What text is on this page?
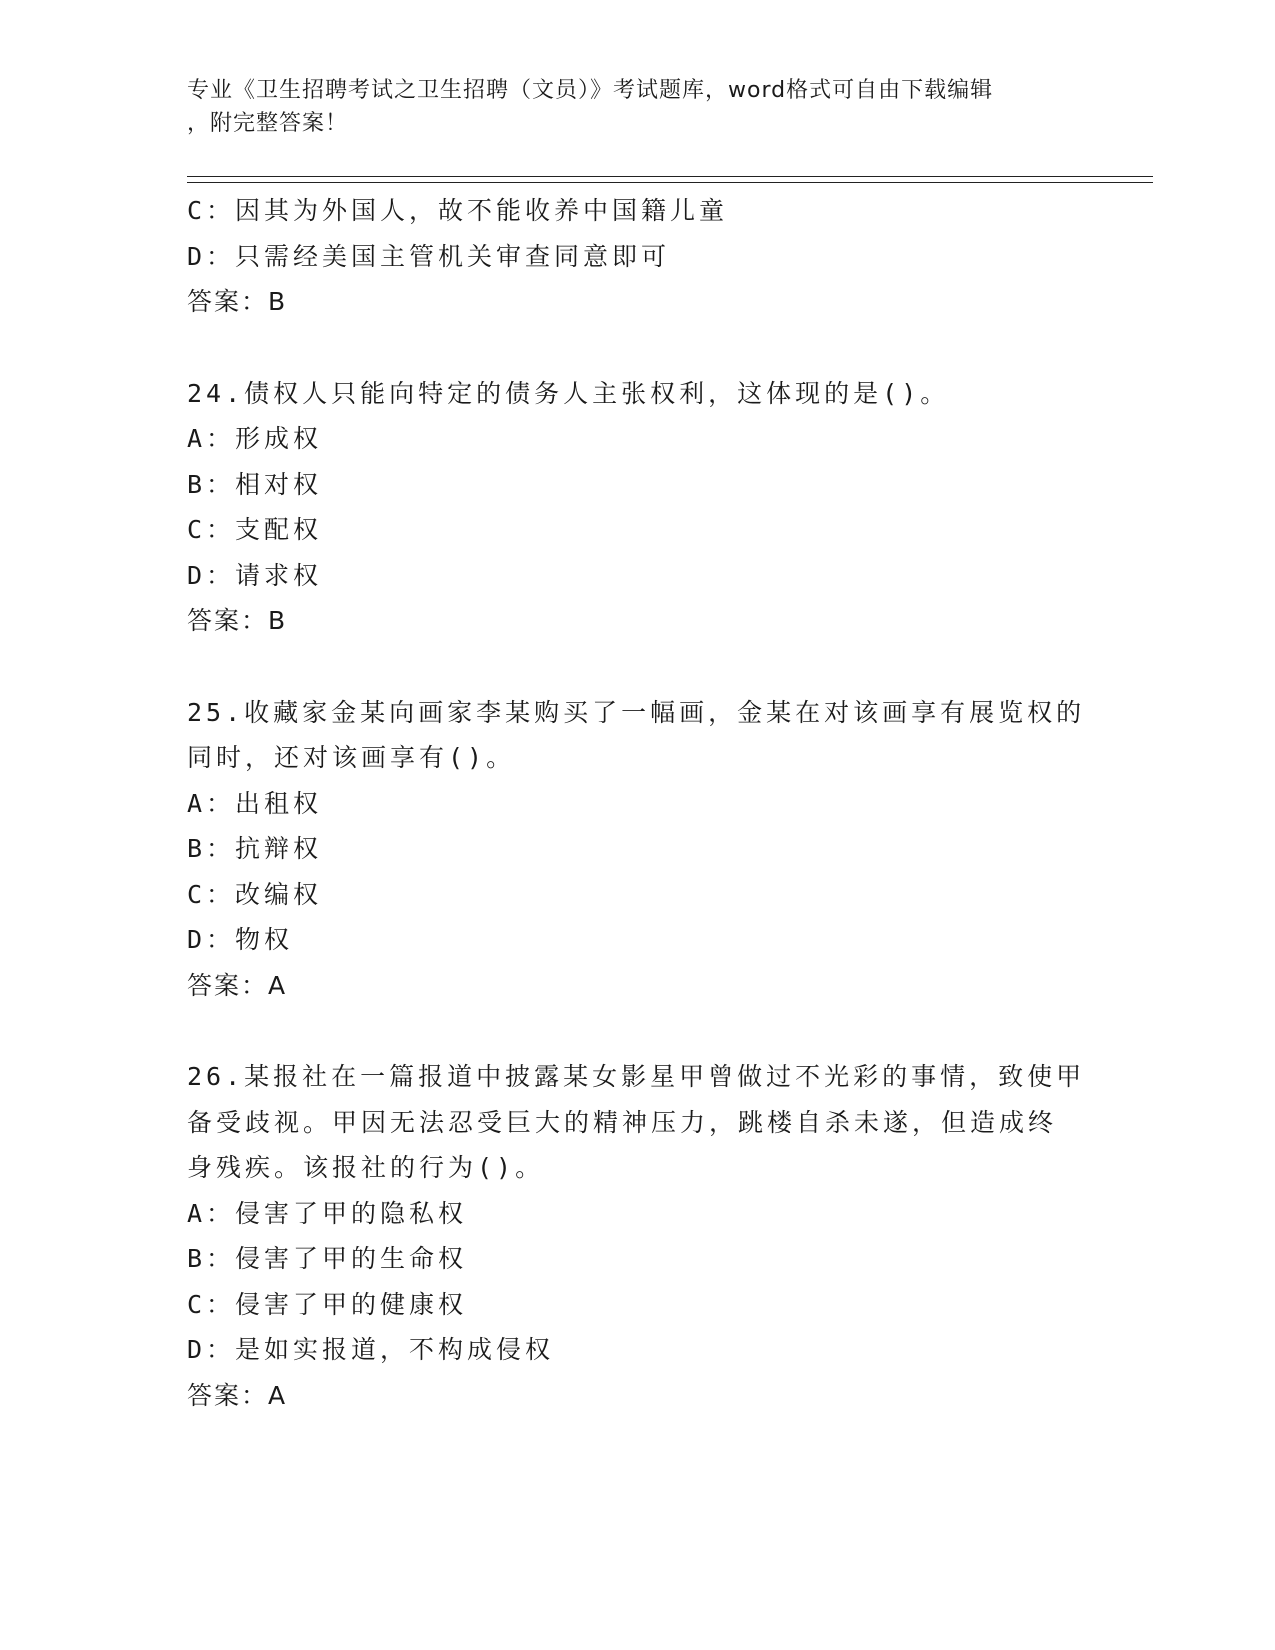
专业《卫生招聘考试之卫生招聘（文员）》考试题库，word格式可自由下载编辑
，附完整答案！
C：因其为外国人，故不能收养中国籍儿童
D：只需经美国主管机关审查同意即可
答案：B
24.债权人只能向特定的债务人主张权利，这体现的是()。
A：形成权
B：相对权
C：支配权
D：请求权
答案：B
25.收藏家金某向画家李某购买了一幅画，金某在对该画享有展览权的
同时，还对该画享有()。
A：出租权
B：抗辩权
C：改编权
D：物权
答案：A
26.某报社在一篇报道中披露某女影星甲曾做过不光彩的事情，致使甲
备受歧视。甲因无法忍受巨大的精神压力，跳楼自杀未遂，但造成终
身残疾。该报社的行为()。
A：侵害了甲的隐私权
B：侵害了甲的生命权
C：侵害了甲的健康权
D：是如实报道，不构成侵权
答案：A
